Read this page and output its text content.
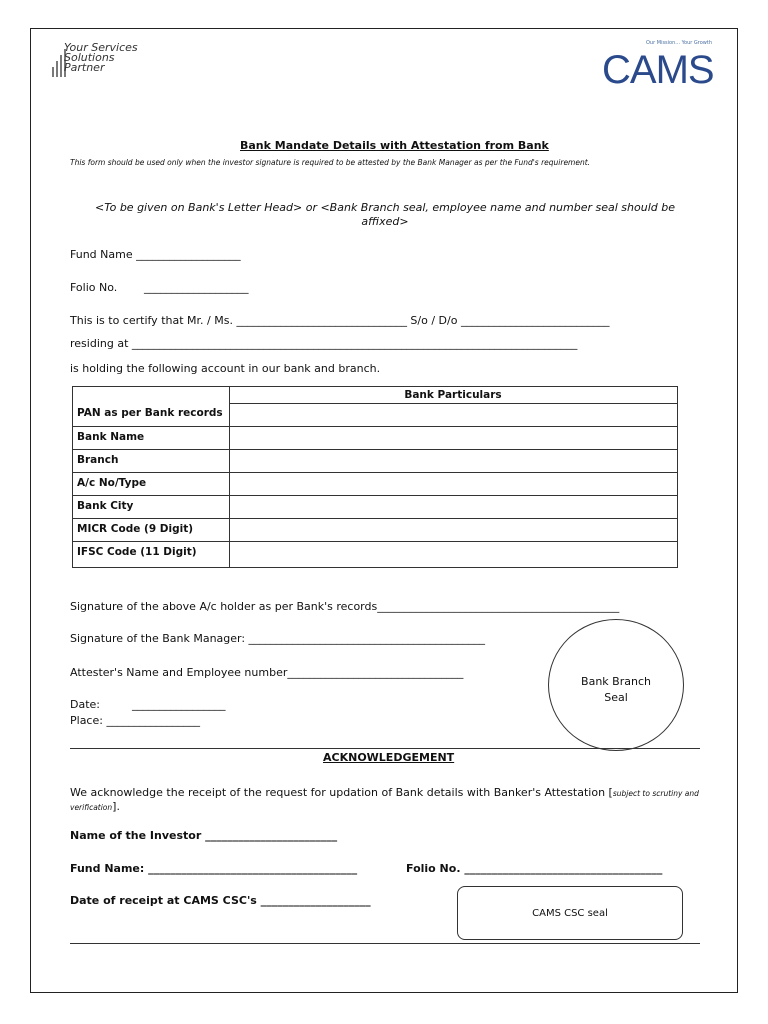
Your Services
Solutions
Partner
Our Mission... Your Growth
CAMS
Bank Mandate Details with Attestation from Bank
This form should be used only when the investor signature is required to be attested by the Bank Manager as per the Fund's requirement.
<To be given on Bank's Letter Head> or <Bank Branch seal, employee name and number seal should be affixed>
Fund Name ___________________
Folio No. ___________________
This is to certify that Mr. / Ms. _______________________________ S/o / D/o ___________________________
residing at _________________________________________________________________________________
is holding the following account in our bank and branch.
Bank Particulars
PAN as per Bank records
Bank Name
Branch
A/c No/Type
Bank City
MICR Code (9 Digit)
IFSC Code (11 Digit)
Signature of the above A/c holder as per Bank's records____________________________________________
Signature of the Bank Manager: ___________________________________________
Attester's Name and Employee number________________________________
Date:	_________________
Place: _________________
Bank Branch
Seal
ACKNOWLEDGEMENT
We acknowledge the receipt of the request for updation of Bank details with Banker's Attestation [subject to scrutiny and verification].
Name of the Investor ________________________
Fund Name: ______________________________________	Folio No. ____________________________________
Date of receipt at CAMS CSC's ____________________
CAMS CSC seal
